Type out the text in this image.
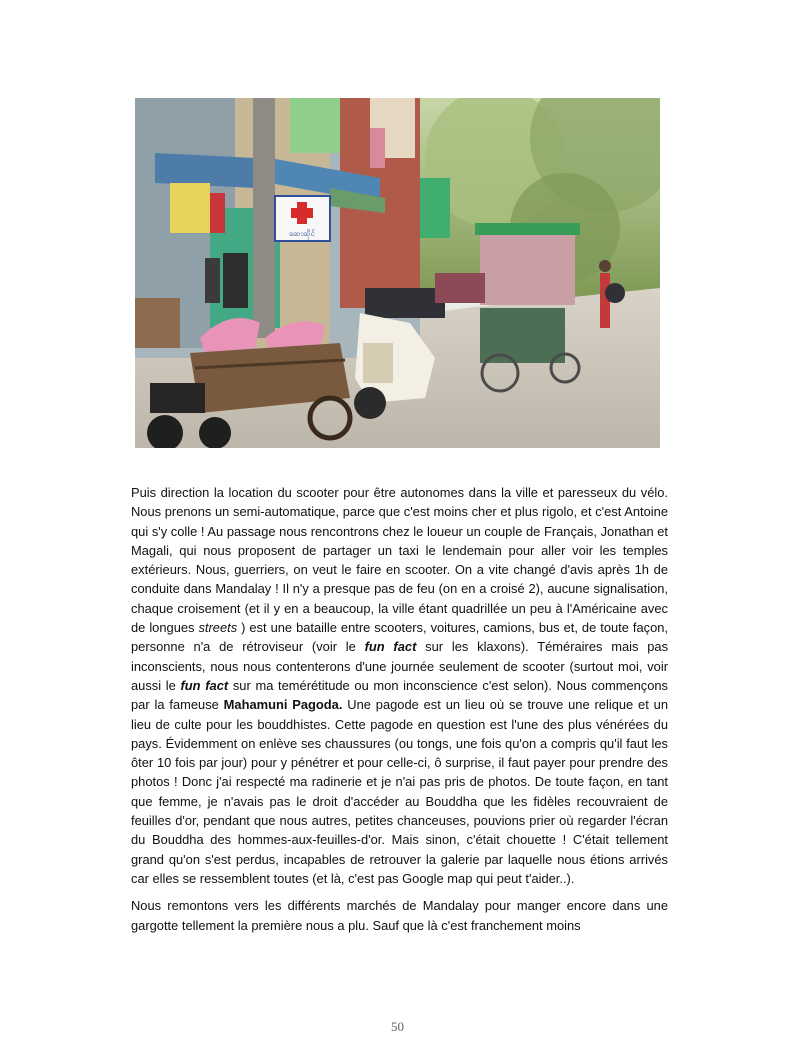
ဆေးဆိုင်

Puis direction la location du scooter pour être autonomes dans la ville et paresseux du vélo. Nous prenons un semi-automatique, parce que c'est moins cher et plus rigolo, et c'est Antoine qui s'y colle ! Au passage nous rencontrons chez le loueur un couple de Français, Jonathan et Magali, qui nous proposent de partager un taxi le lendemain pour aller voir les temples extérieurs. Nous, guerriers, on veut le faire en scooter. On a vite changé d'avis après 1h de conduite dans Mandalay ! Il n'y a presque pas de feu (on en a croisé 2), aucune signalisation, chaque croisement (et il y en a beaucoup, la ville étant quadrillée un peu à l'Américaine avec de longues streets ) est une bataille entre scooters, voitures, camions, bus et, de toute façon, personne n'a de rétroviseur (voir le fun fact sur les klaxons). Téméraires mais pas inconscients, nous nous contenterons d'une journée seulement de scooter (surtout moi, voir aussi le fun fact sur ma temérétitude ou mon inconscience c'est selon). Nous commençons par la fameuse Mahamuni Pagoda. Une pagode est un lieu où se trouve une relique et un lieu de culte pour les bouddhistes. Cette pagode en question est l'une des plus vénérées du pays. Évidemment on enlève ses chaussures (ou tongs, une fois qu'on a compris qu'il faut les ôter 10 fois par jour) pour y pénétrer et pour celle-ci, ô surprise, il faut payer pour prendre des photos ! Donc j'ai respecté ma radinerie et je n'ai pas pris de photos. De toute façon, en tant que femme, je n'avais pas le droit d'accéder au Bouddha que les fidèles recouvraient de feuilles d'or, pendant que nous autres, petites chanceuses, pouvions prier où regarder l'écran du Bouddha des hommes-aux-feuilles-d'or. Mais sinon, c'était chouette ! C'était tellement grand qu'on s'est perdus, incapables de retrouver la galerie par laquelle nous étions arrivés car elles se ressemblent toutes (et là, c'est pas Google map qui peut t'aider..).

Nous remontons vers les différents marchés de Mandalay pour manger encore dans une gargotte tellement la première nous a plu. Sauf que là c'est franchement moins

50
